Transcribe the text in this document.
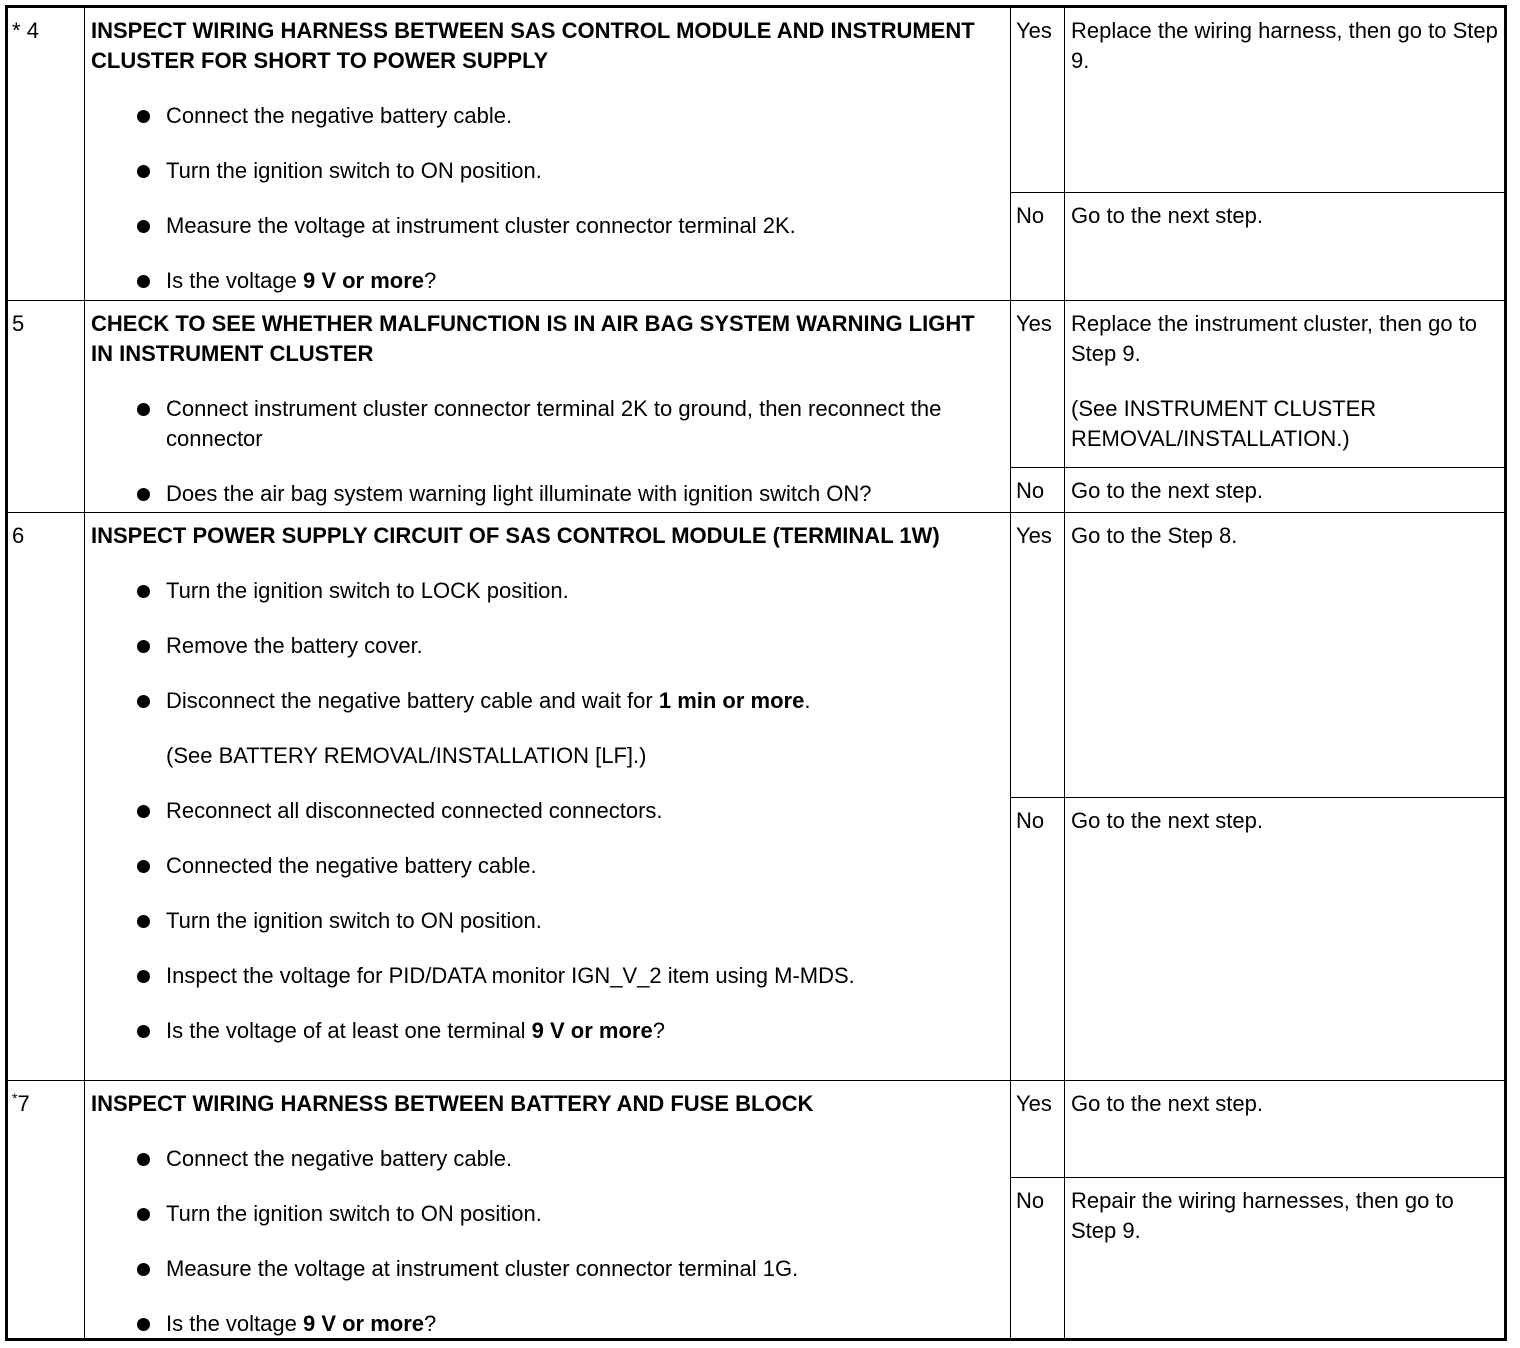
* 4	INSPECT WIRING HARNESS BETWEEN SAS CONTROL MODULE AND INSTRUMENT CLUSTER FOR SHORT TO POWER SUPPLY
Connect the negative battery cable.
Turn the ignition switch to ON position.
Measure the voltage at instrument cluster connector terminal 2K.
Is the voltage 9 V or more?
Yes Replace the wiring harness, then go to Step 9.

No	Go to the next step.

5	CHECK TO SEE WHETHER MALFUNCTION IS IN AIR BAG SYSTEM WARNING LIGHT IN INSTRUMENT CLUSTER
Connect instrument cluster connector terminal 2K to ground, then reconnect the connector
Does the air bag system warning light illuminate with ignition switch ON?
Yes Replace the instrument cluster, then go to Step 9.

(See INSTRUMENT CLUSTER REMOVAL/INSTALLATION.)

No	Go to the next step.

6	INSPECT POWER SUPPLY CIRCUIT OF SAS CONTROL MODULE (TERMINAL 1W)
Turn the ignition switch to LOCK position.
Remove the battery cover.
Disconnect the negative battery cable and wait for 1 min or more.
(See BATTERY REMOVAL/INSTALLATION [LF].)
Reconnect all disconnected connected connectors.
Connected the negative battery cable.
Turn the ignition switch to ON position.
Inspect the voltage for PID/DATA monitor IGN_V_2 item using M-MDS.
Is the voltage of at least one terminal 9 V or more?
Yes Go to the Step 8.

No	Go to the next step.

*7	INSPECT WIRING HARNESS BETWEEN BATTERY AND FUSE BLOCK
Connect the negative battery cable.
Turn the ignition switch to ON position.
Measure the voltage at instrument cluster connector terminal 1G.
Is the voltage 9 V or more?
Yes Go to the next step.

No	Repair the wiring harnesses, then go to Step 9.
